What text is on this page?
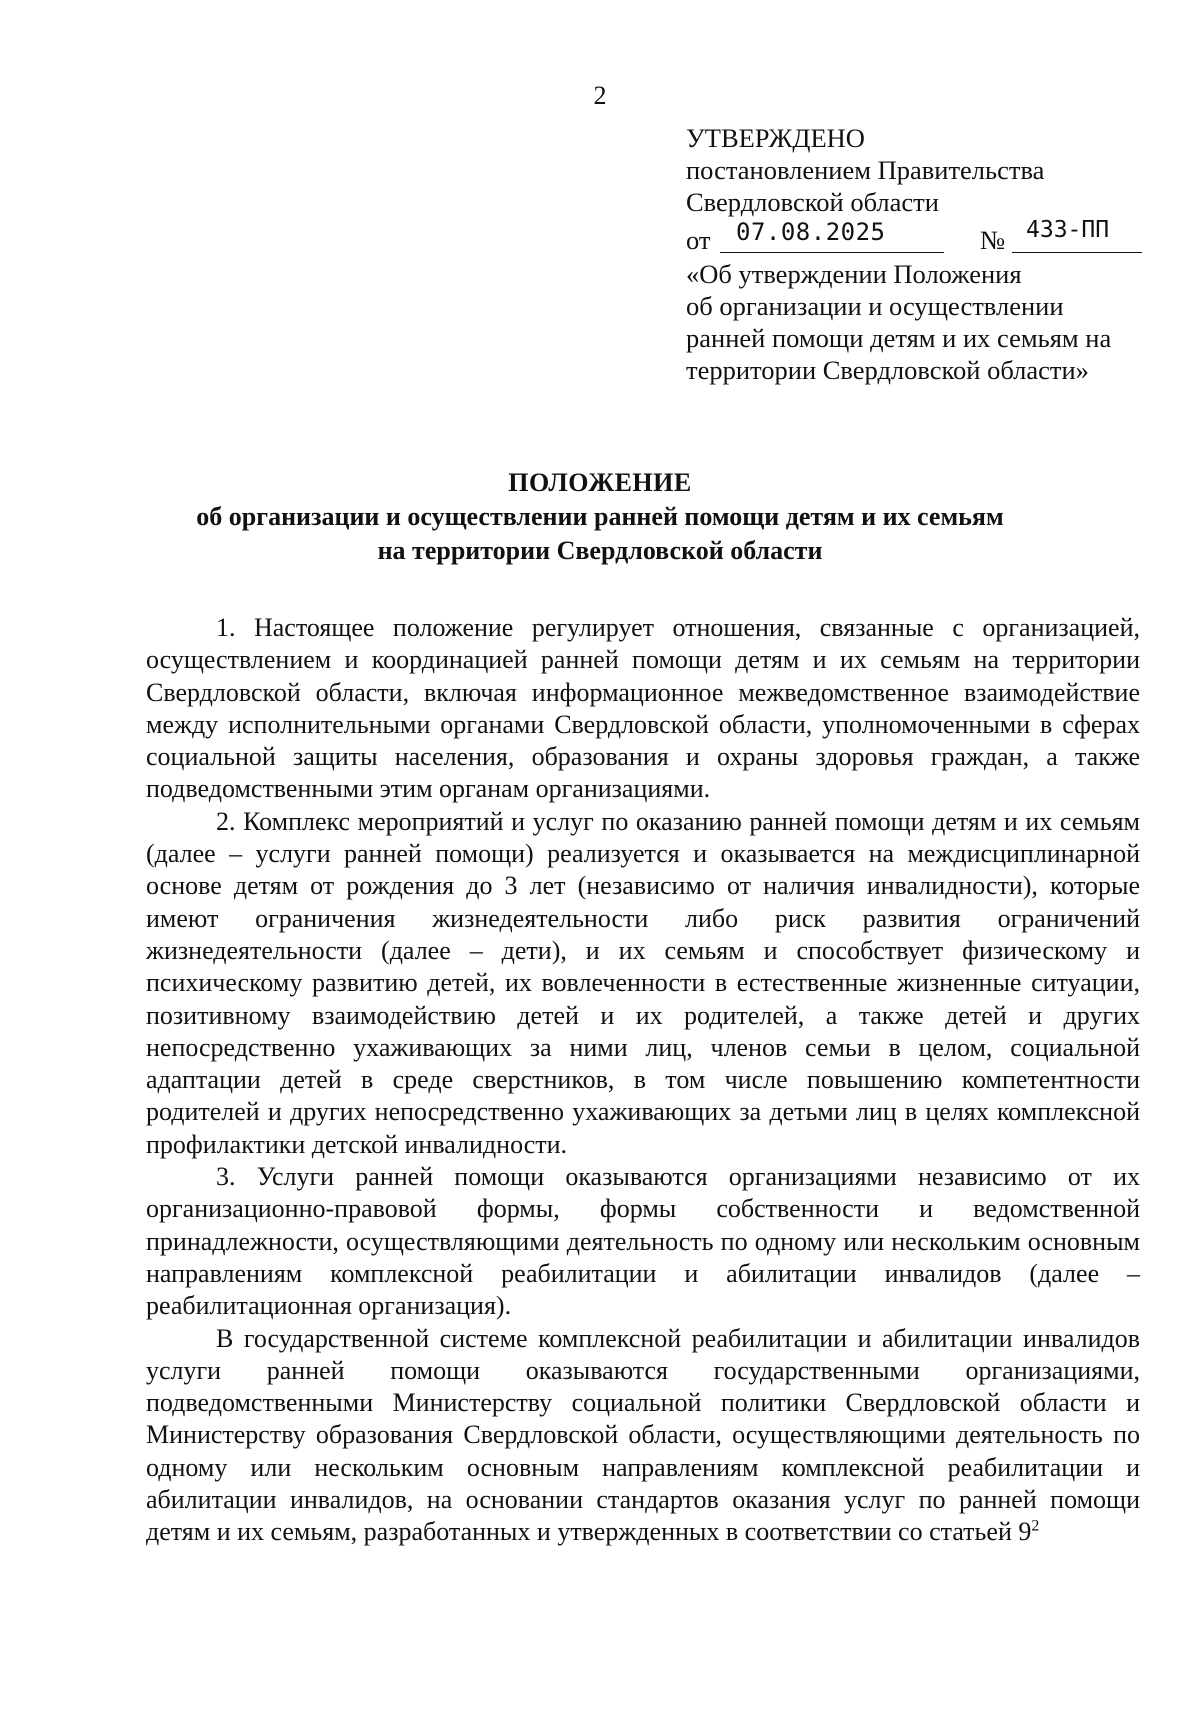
2
УТВЕРЖДЕНО
постановлением Правительства
Свердловской области
от 07.08.2025	№ 433-ПП
«Об утверждении Положения
об организации и осуществлении
ранней помощи детям и их семьям на
территории Свердловской области»
ПОЛОЖЕНИЕ
об организации и осуществлении ранней помощи детям и их семьям
на территории Свердловской области

1. Настоящее положение регулирует отношения, связанные с организацией, осуществлением и координацией ранней помощи детям и их семьям на территории Свердловской области, включая информационное межведомственное взаимодействие между исполнительными органами Свердловской области, уполномоченными в сферах социальной защиты населения, образования и охраны здоровья граждан, а также подведомственными этим органам организациями.

2. Комплекс мероприятий и услуг по оказанию ранней помощи детям и их семьям (далее – услуги ранней помощи) реализуется и оказывается на междисциплинарной основе детям от рождения до 3 лет (независимо от наличия инвалидности), которые имеют ограничения жизнедеятельности либо риск развития ограничений жизнедеятельности (далее – дети), и их семьям и способствует физическому и психическому развитию детей, их вовлеченности в естественные жизненные ситуации, позитивному взаимодействию детей и их родителей, а также детей и других непосредственно ухаживающих за ними лиц, членов семьи в целом, социальной адаптации детей в среде сверстников, в том числе повышению компетентности родителей и других непосредственно ухаживающих за детьми лиц в целях комплексной профилактики детской инвалидности.

3. Услуги ранней помощи оказываются организациями независимо от их организационно-правовой формы, формы собственности и ведомственной принадлежности, осуществляющими деятельность по одному или нескольким основным направлениям комплексной реабилитации и абилитации инвалидов (далее – реабилитационная организация).

В государственной системе комплексной реабилитации и абилитации инвалидов услуги ранней помощи оказываются государственными организациями, подведомственными Министерству социальной политики Свердловской области и Министерству образования Свердловской области, осуществляющими деятельность по одному или нескольким основным направлениям комплексной реабилитации и абилитации инвалидов, на основании стандартов оказания услуг по ранней помощи детям и их семьям, разработанных и утвержденных в соответствии со статьей $9^2$
